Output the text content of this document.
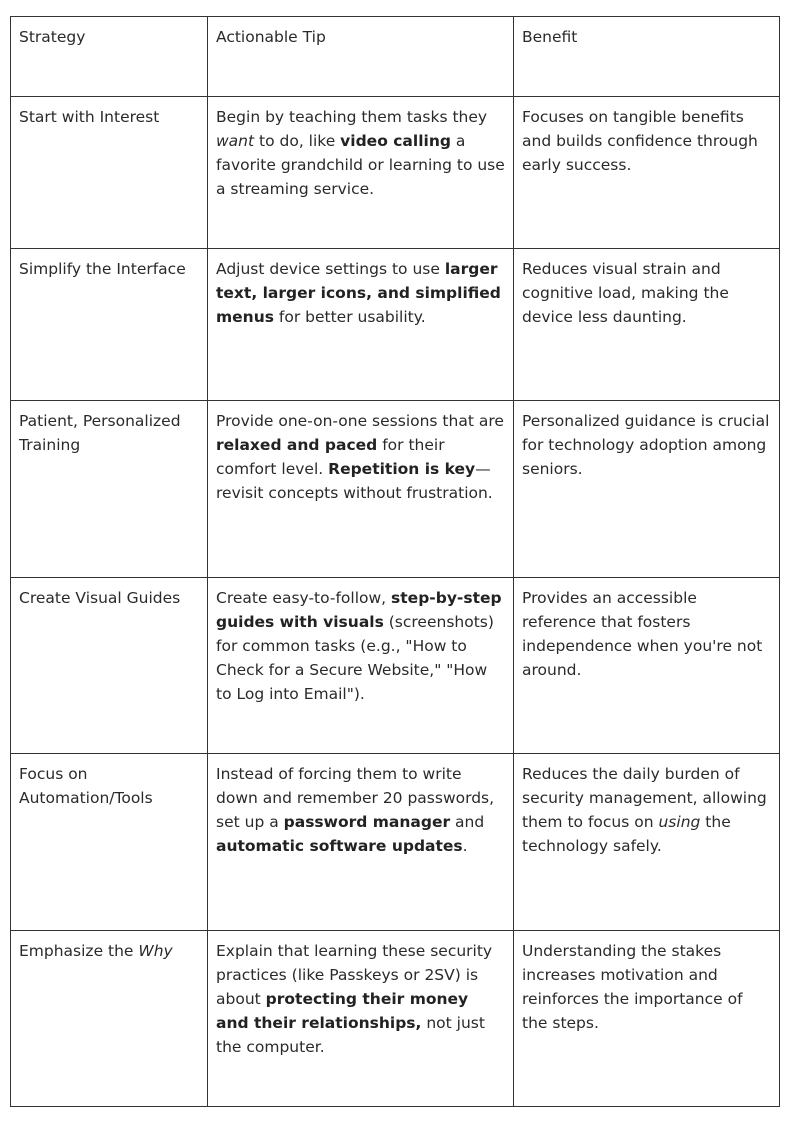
Strategy	Actionable Tip	Benefit
Start with Interest	Begin by teaching them tasks they want to do, like video calling a favorite grandchild or learning to use a streaming service.	Focuses on tangible benefits and builds confidence through early success.
Simplify the Interface	Adjust device settings to use larger text, larger icons, and simplified menus for better usability.	Reduces visual strain and cognitive load, making the device less daunting.
Patient, Personalized Training	Provide one-on-one sessions that are relaxed and paced for their comfort level. Repetition is key—revisit concepts without frustration.	Personalized guidance is crucial for technology adoption among seniors.
Create Visual Guides	Create easy-to-follow, step-by-step guides with visuals (screenshots) for common tasks (e.g., "How to Check for a Secure Website," "How to Log into Email").	Provides an accessible reference that fosters independence when you're not around.
Focus on Automation/Tools	Instead of forcing them to write down and remember 20 passwords, set up a password manager and automatic software updates.	Reduces the daily burden of security management, allowing them to focus on using the technology safely.
Emphasize the Why	Explain that learning these security practices (like Passkeys or 2SV) is about protecting their money and their relationships, not just the computer.	Understanding the stakes increases motivation and reinforces the importance of the steps.
